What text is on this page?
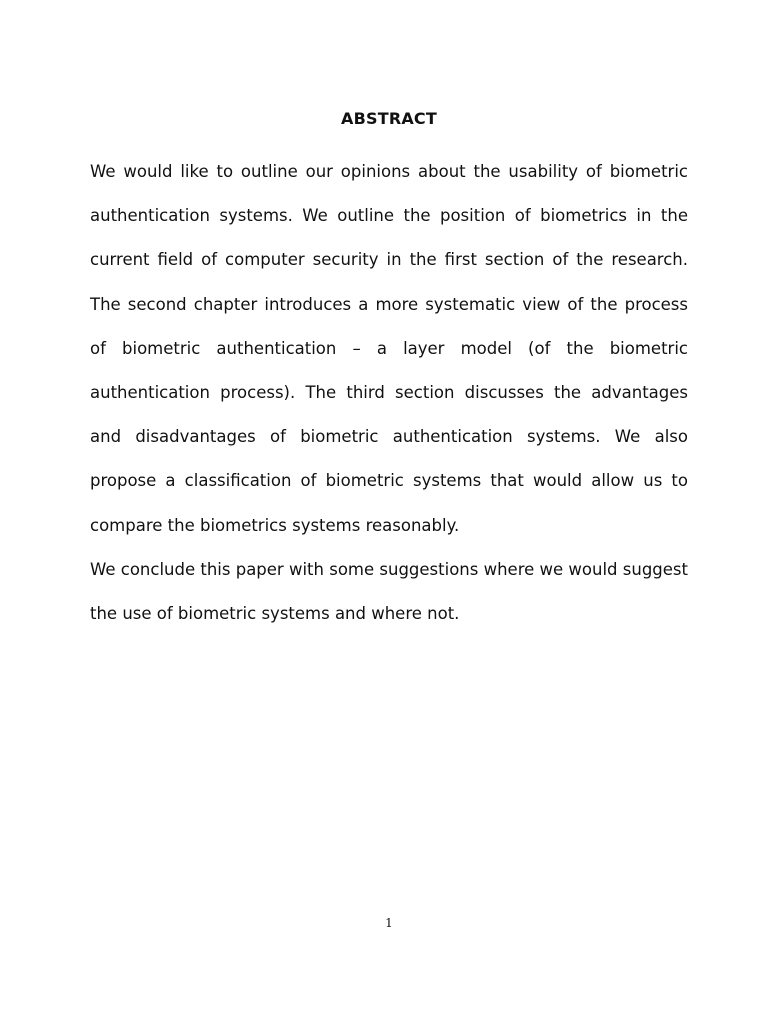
ABSTRACT

We would like to outline our opinions about the usability of biometric authentication systems. We outline the position of biometrics in the current field of computer security in the first section of the research. The second chapter introduces a more systematic view of the process of biometric authentication – a layer model (of the biometric authentication process). The third section discusses the advantages and disadvantages of biometric authentication systems. We also propose a classification of biometric systems that would allow us to compare the biometrics systems reasonably.

We conclude this paper with some suggestions where we would suggest the use of biometric systems and where not.

1
